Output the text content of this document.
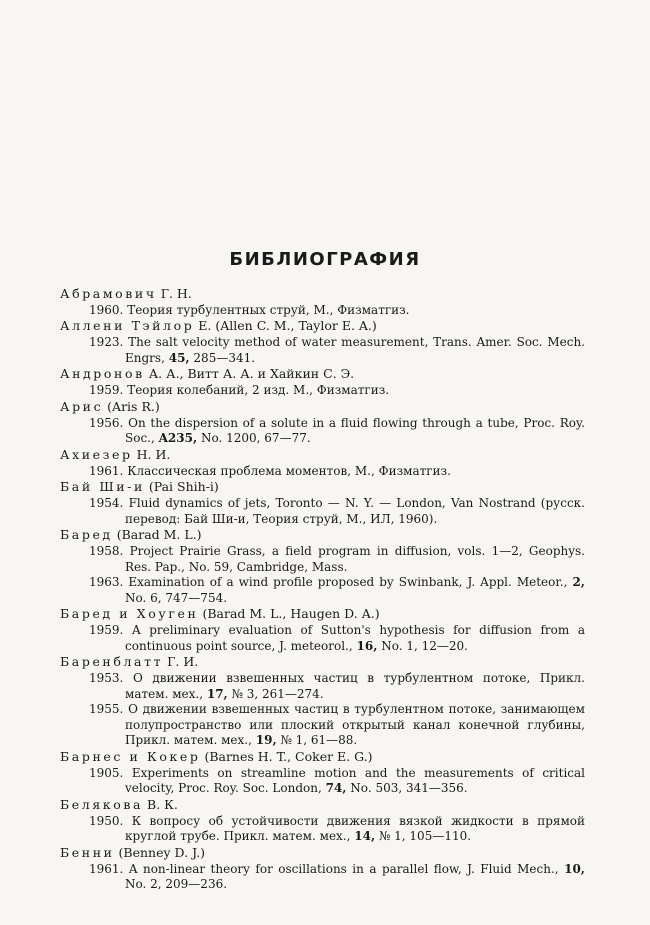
БИБЛИОГРАФИЯ
Абрамович Г. Н.
1960. Теория турбулентных струй, М., Физматгиз.
Аллени Тэйлор Е. (Allen C. M., Taylor E. A.)
1923. The salt velocity method of water measurement, Trans. Amer. Soc. Mech. Engrs, 45, 285—341.
Андронов А. А., Витт А. А. и Хайкин С. Э.
1959. Теория колебаний, 2 изд. М., Физматгиз.
Арис (Aris R.)
1956. On the dispersion of a solute in a fluid flowing through a tube, Proc. Roy. Soc., A235, No. 1200, 67—77.
Ахиезер Н. И.
1961. Классическая проблема моментов, М., Физматгиз.
Бай Ши-и (Pai Shih-i)
1954. Fluid dynamics of jets, Toronto — N. Y. — London, Van Nostrand (русск. перевод: Бай Ши-и, Теория струй, М., ИЛ, 1960).
Баред (Barad M. L.)
1958. Project Prairie Grass, a field program in diffusion, vols. 1—2, Geophys. Res. Pap., No. 59, Cambridge, Mass.
1963. Examination of a wind profile proposed by Swinbank, J. Appl. Meteor., 2, No. 6, 747—754.
Баред и Хоуген (Barad M. L., Haugen D. A.)
1959. A preliminary evaluation of Sutton's hypothesis for diffusion from a continuous point source, J. meteorol., 16, No. 1, 12—20.
Баренблатт Г. И.
1953. О движении взвешенных частиц в турбулентном потоке, Прикл. матем. мех., 17, № 3, 261—274.
1955. О движении взвешенных частиц в турбулентном потоке, занимающем полупространство или плоский открытый канал конечной глубины, Прикл. матем. мех., 19, № 1, 61—88.
Барнес и Кокер (Barnes H. T., Coker E. G.)
1905. Experiments on streamline motion and the measurements of critical velocity, Proc. Roy. Soc. London, 74, No. 503, 341—356.
Белякова В. К.
1950. К вопросу об устойчивости движения вязкой жидкости в прямой круглой трубе. Прикл. матем. мех., 14, № 1, 105—110.
Бенни (Benney D. J.)
1961. A non-linear theory for oscillations in a parallel flow, J. Fluid Mech., 10, No. 2, 209—236.
